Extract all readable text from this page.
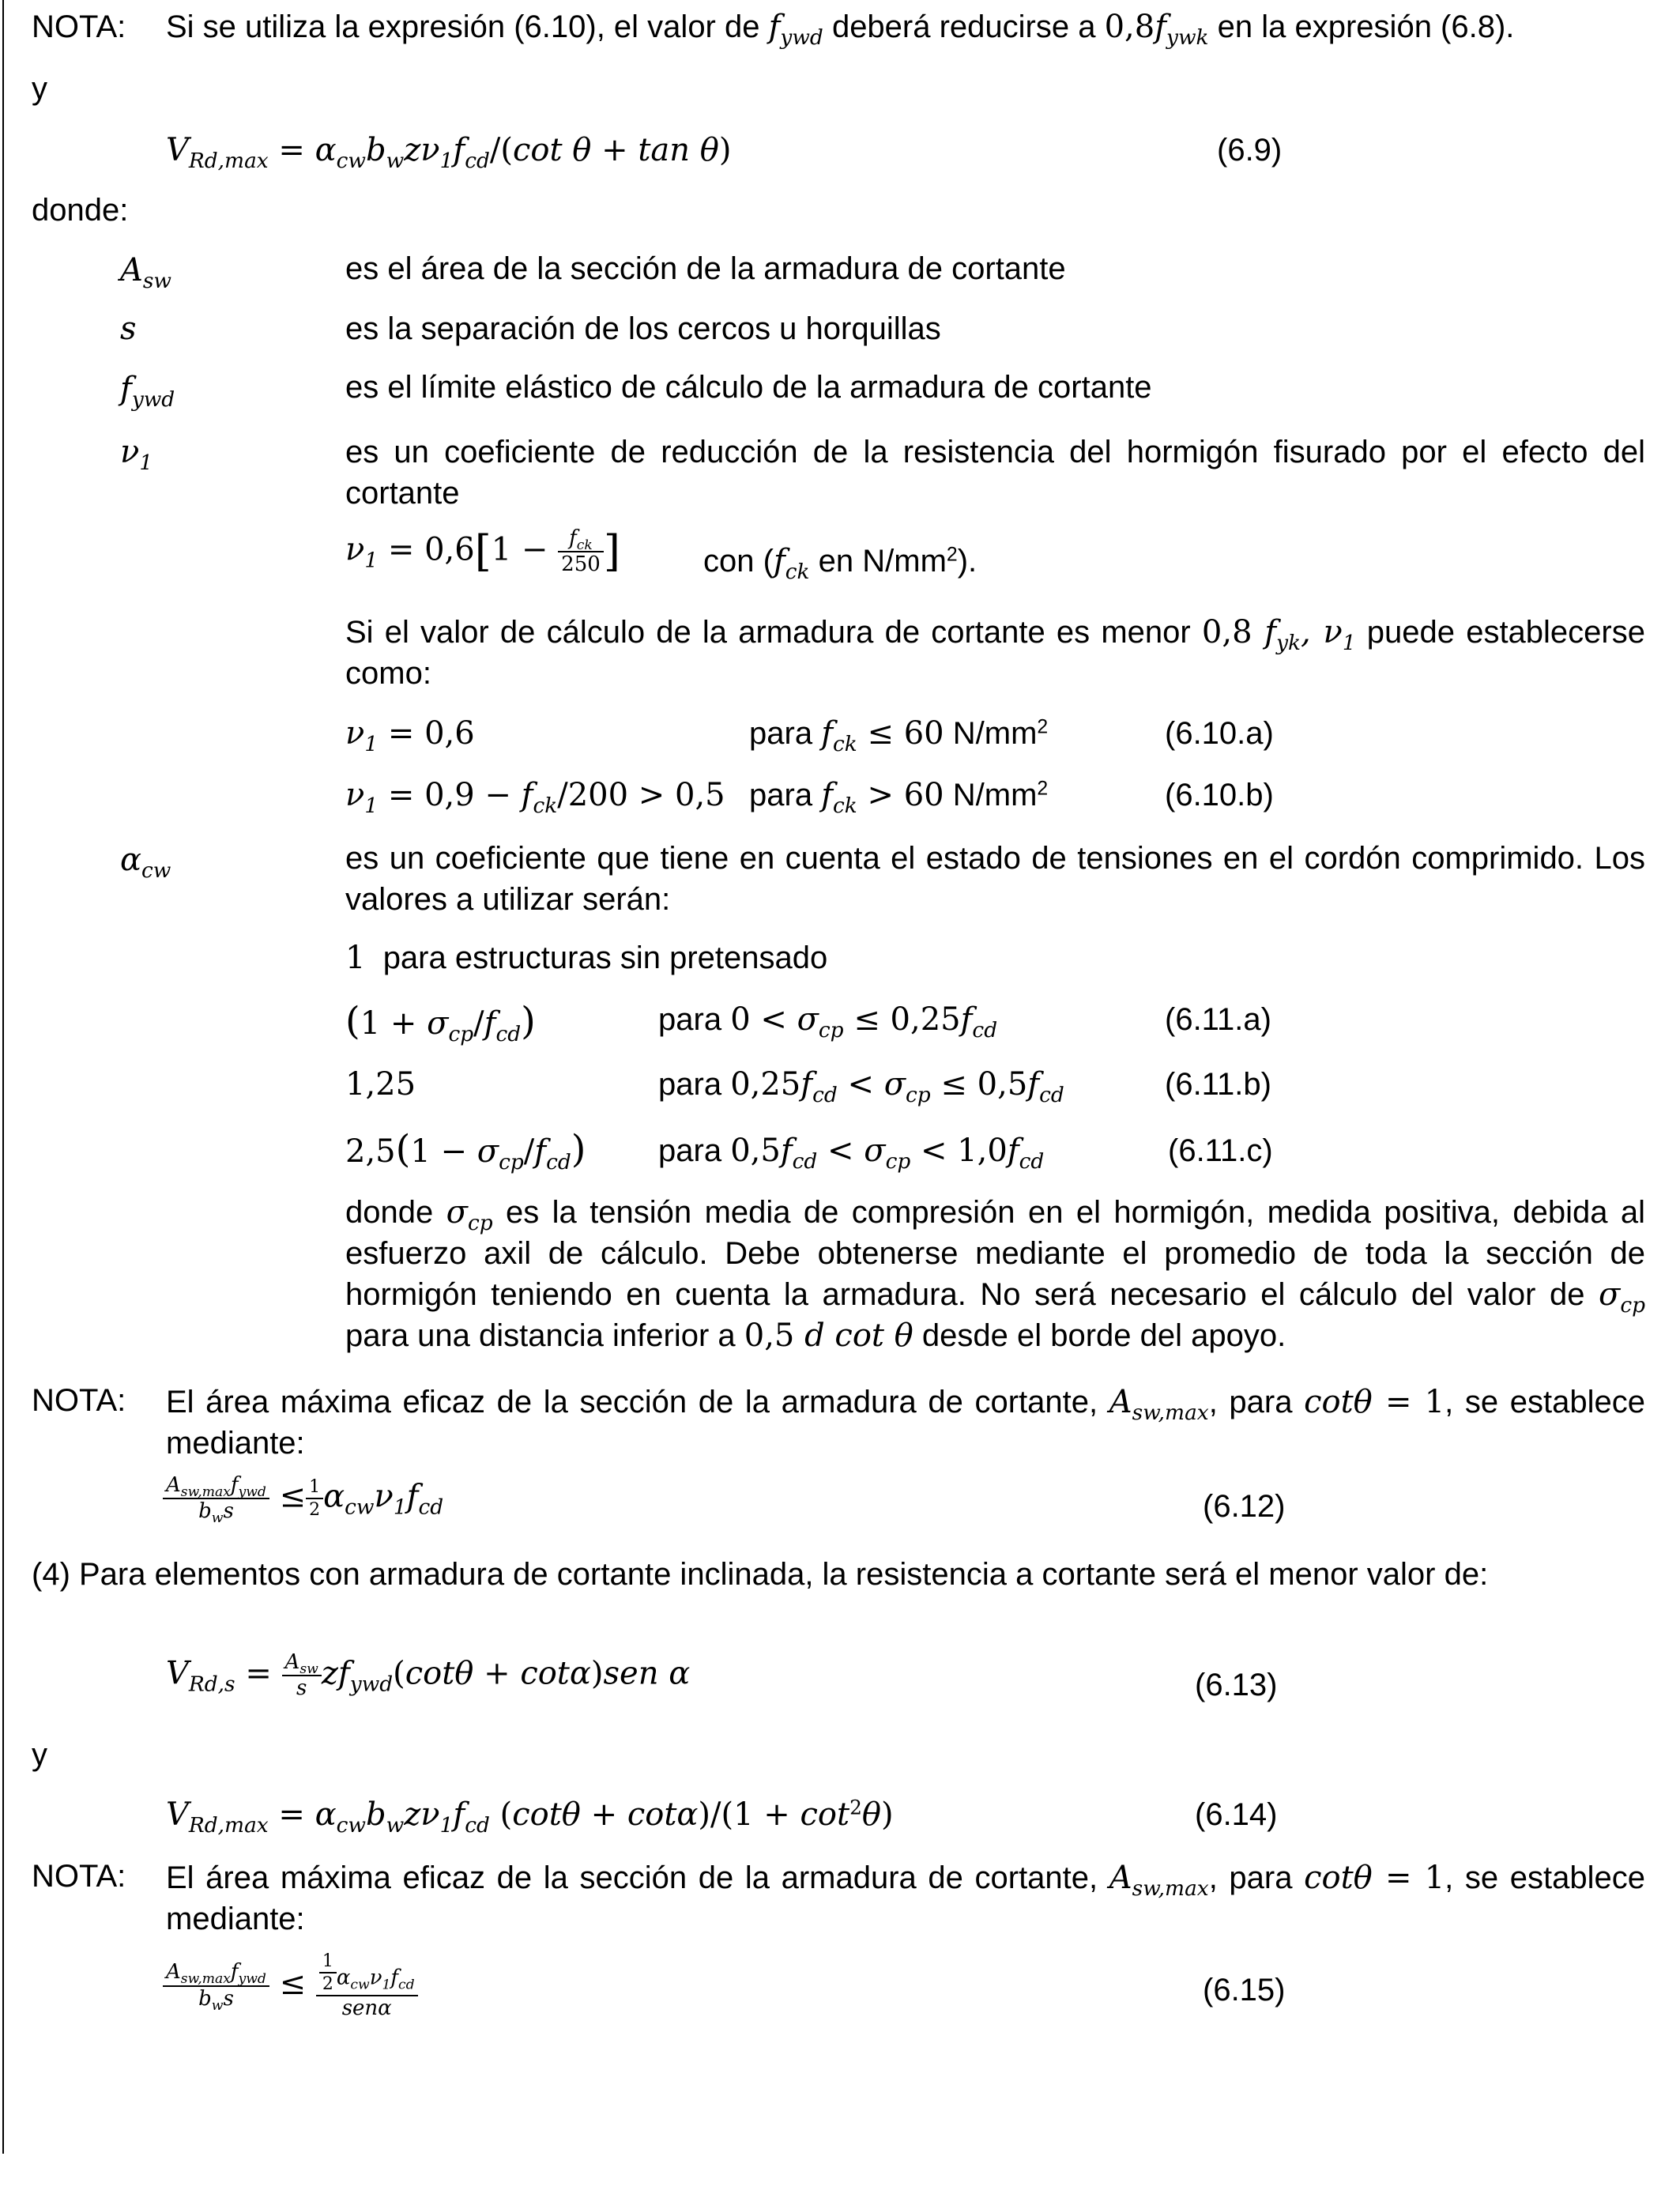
NOTA: Si se utiliza la expresión (6.10), el valor de $f_{ywd}$ deberá reducirse a $0,8f_{ywk}$ en la expresión (6.8).
y
$V_{Rd,max} = \alpha_{cw}b_wz\nu_1f_{cd}/(\cot$ θ + tan θ)	(6.9)
donde:
$A_{sw}$	es el área de la sección de la armadura de cortante
s	es la separación de los cercos u horquillas
$f_{ywd}$	es el límite elástico de cálculo de la armadura de cortante
$\nu_1$	es un coeficiente de reducción de la resistencia del hormigón fisurado por el efecto del cortante
$\nu_1 = 0,6[1 - \frac{f_{ck}}{250}$ ]	con ($f_{ck}$ en $N/mm^2$).
Si el valor de cálculo de la armadura de cortante es menor 0,8 $f_{yk}$, $\nu_1$ puede establecerse como:
$\nu_1 = 0,6$	para $f_{ck} \le 60$ $N/mm^2$	(6.10.a)
$\nu_1 = 0,9 - f_{ck}/200 > 0,5$ para $f_{ck} > 60$ $N/mm^2$	(6.10.b)
$\alpha_{cw}$	es un coeficiente que tiene en cuenta el estado de tensiones en el cordón comprimido. Los valores a utilizar serán:
1 para estructuras sin pretensado
$(1 + \sigma_{cp}/f_{cd})$	para $0 < \sigma_{cp} \le 0,25f_{cd}$	(6.11.a)
1,25	para $0,25f_{cd} < \sigma_{cp} \le 0,5f_{cd}$	(6.11.b)
$2,5(1 - \sigma_{cp}/f_{cd})$ para $0,5f_{cd} < \sigma_{cp} < 1,0f_{cd}$	(6.11.c)
donde $\sigma_{cp}$ es la tensión media de compresión en el hormigón, medida positiva, debida al esfuerzo axil de cálculo. Debe obtenerse mediante el promedio de toda la sección de hormigón teniendo en cuenta la armadura. No será necesario el cálculo del valor de $\sigma_{cp}$ para una distancia inferior a 0,5 d cot θ desde el borde del apoyo.
NOTA: El área máxima eficaz de la sección de la armadura de cortante, $A_{sw,max}$, para cotθ = 1, se establece mediante:
$\frac{A_{sw,max}f_{ywd}}{b_ws} \le \frac{1}{2} \alpha_{cw}\nu_1f_{cd}$	(6.12)
(4) Para elementos con armadura de cortante inclinada, la resistencia a cortante será el menor valor de:
$V_{Rd,s} = \frac{A_{sw}}{s} zf_{ywd}(\cot\theta + \cot\alpha)sen$ α	(6.13)
y
$V_{Rd,max} = \alpha_{cw}b_wz\nu_1f_{cd}$ $(\cot\theta + \cot\alpha)/(1 + \cot^2\theta)$	(6.14)
NOTA: El área máxima eficaz de la sección de la armadura de cortante, $A_{sw,max}$, para cotθ = 1, se establece mediante:
$\frac{A_{sw,max}f_{ywd}}{b_ws} \le \frac{\frac{1}{2} \alpha_{cw}\nu_1f_{cd}}{\text{senα}}$	(6.15)
